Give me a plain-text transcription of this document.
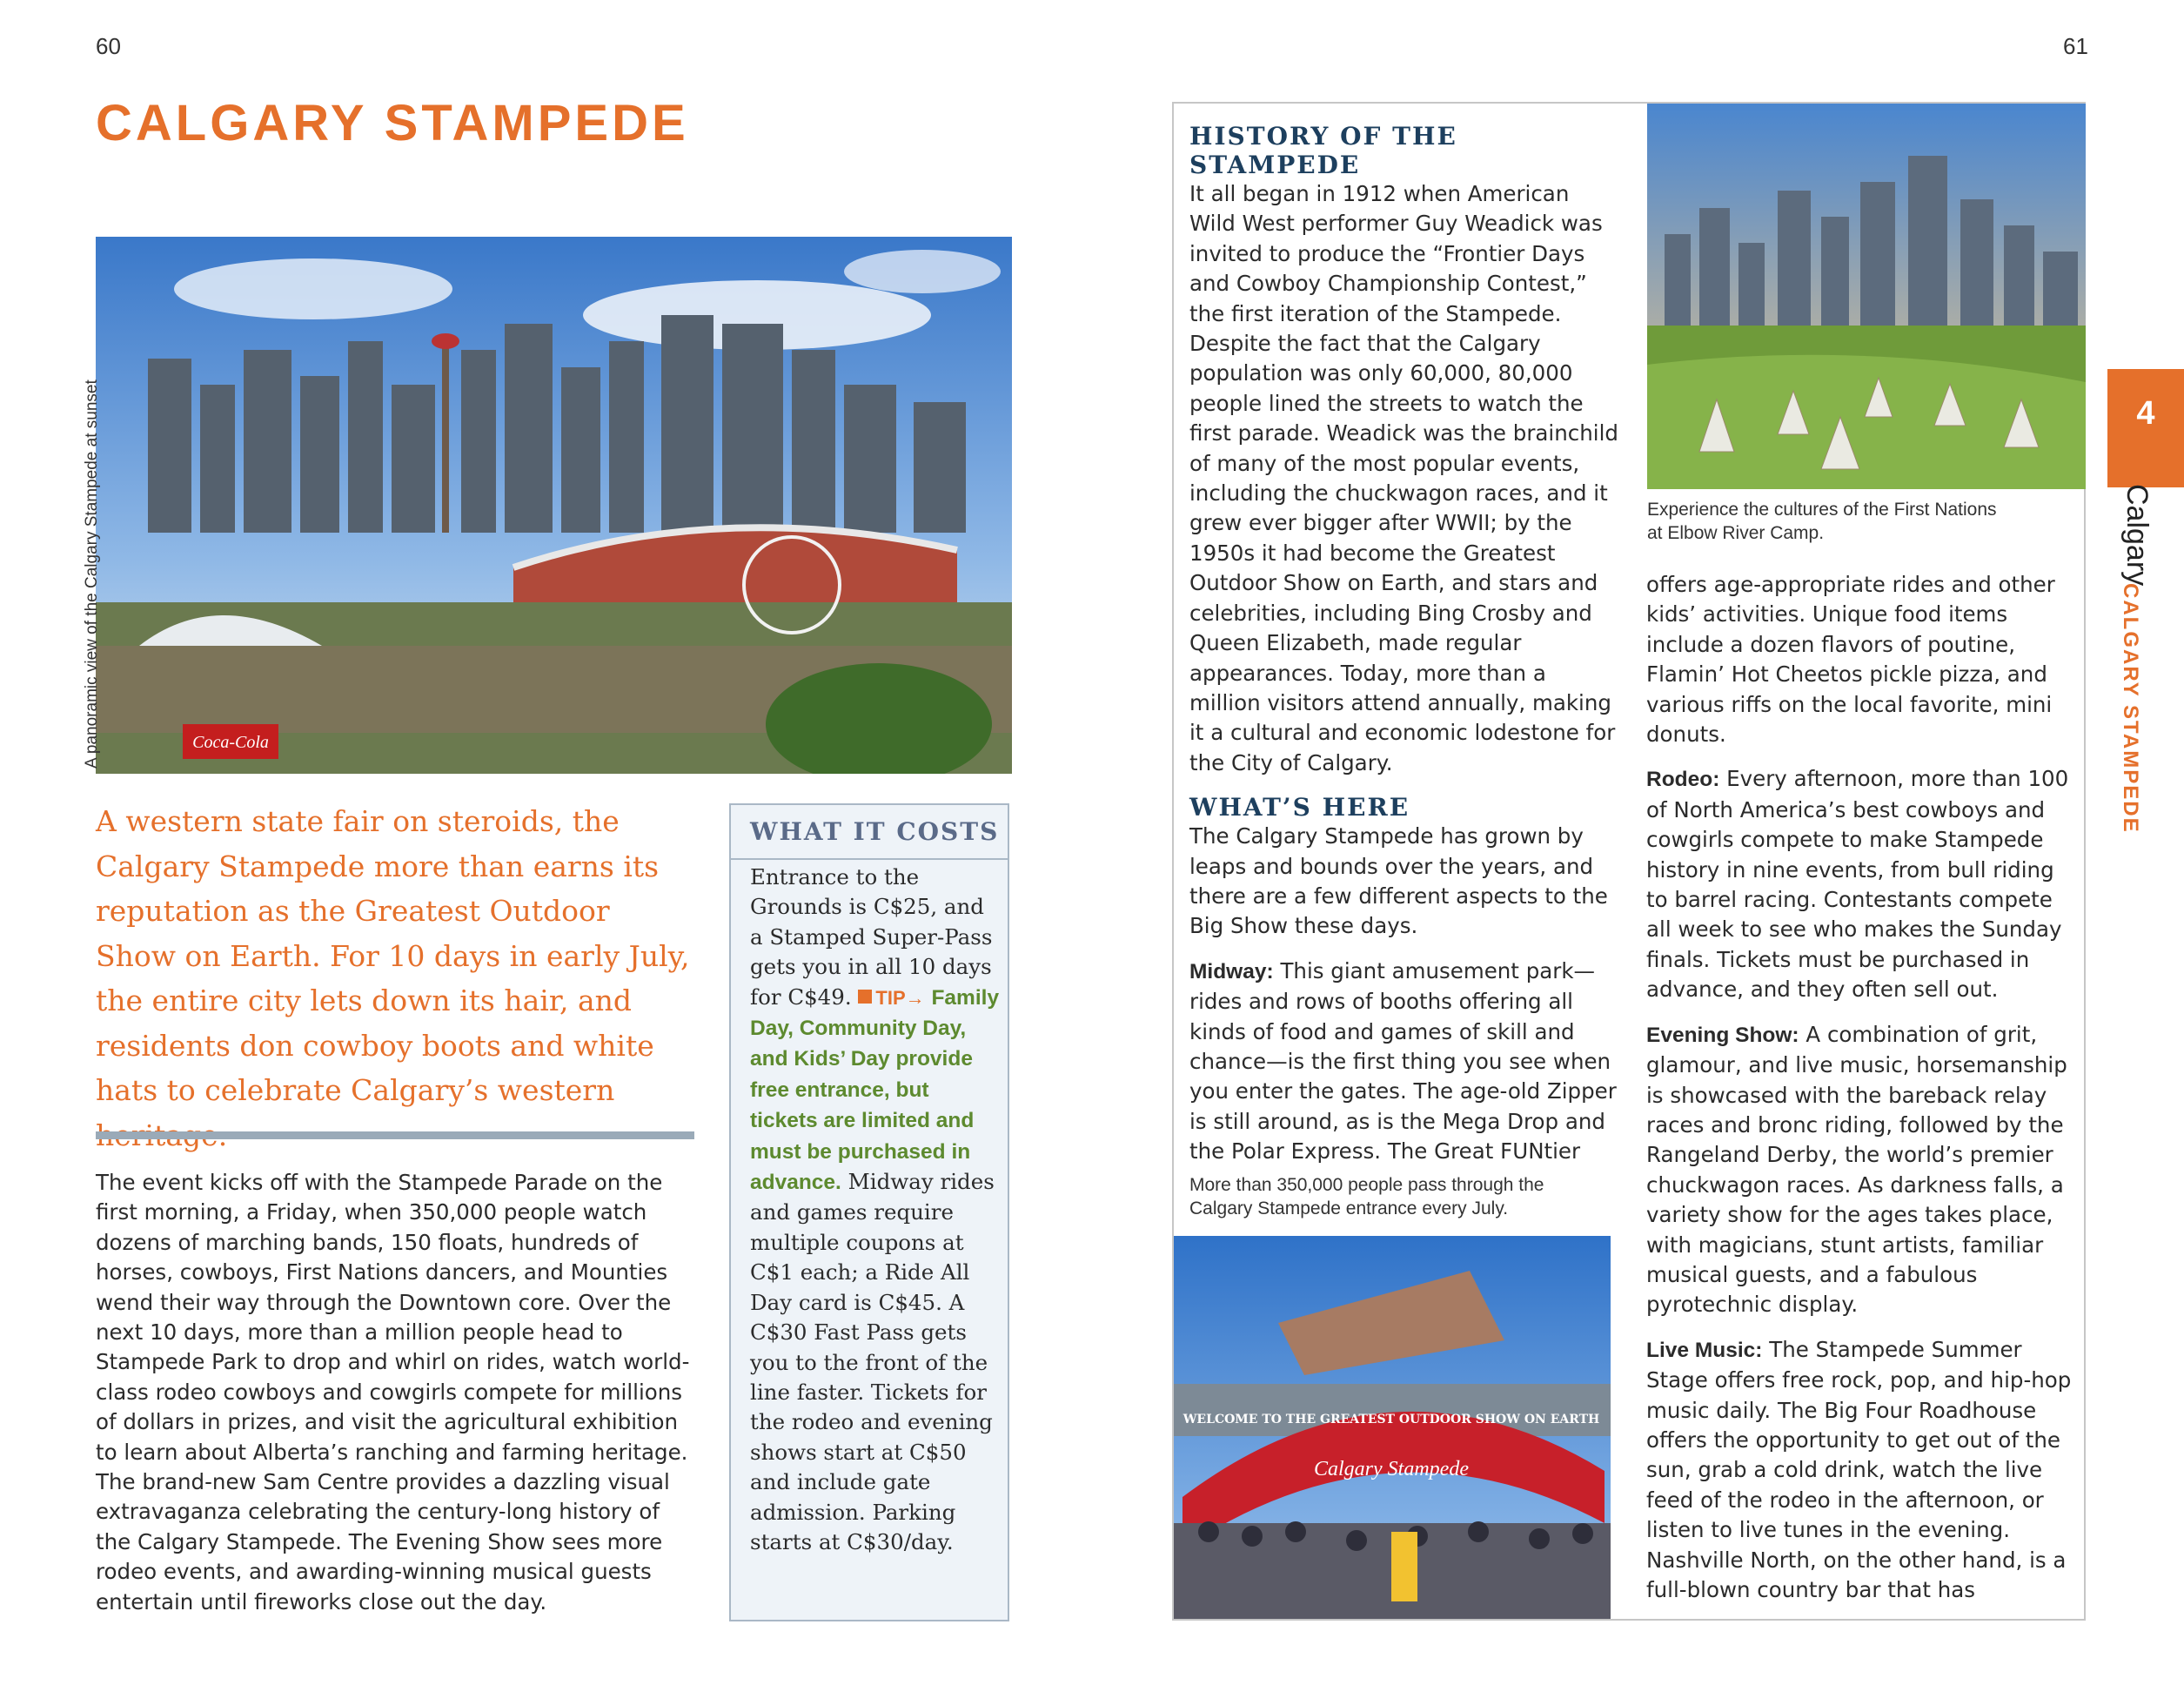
60	61
CALGARY STAMPEDE
Coca-Cola
A panoramic view of the Calgary Stampede at sunset

A western state fair on steroids, the Calgary Stampede more than earns its reputation as the Greatest Outdoor Show on Earth. For 10 days in early July, the entire city lets down its hair, and residents don cowboy boots and white hats to celebrate Calgary’s western

The event kicks off with the Stampede Parade on the first morning, a Friday, when 350,000 people watch dozens of marching bands, 150 floats, hundreds of horses, cowboys, First Nations dancers, and Mounties wend their way through the Downtown core. Over the next 10 days, more than a million people head to Stampede Park to drop and whirl on rides, watch world-class rodeo cowboys and cowgirls compete for millions of dollars in prizes, and visit the agricultural exhibition to learn about Alberta’s ranching and farming heritage. The brand-new Sam Centre provides a dazzling visual extravaganza celebrating the century-long history of the Calgary Stampede. The Evening Show sees more rodeo events, and awarding-winning musical guests entertain until fireworks close out the day.

WHAT IT COSTS

Entrance to the Grounds is C$25, and a Stamped Super-Pass gets you in all 10 days for C$49. TIP→ Family Day, Community Day, and Kids’ Day provide free entrance, but tickets are limited and must be purchased in advance. Midway rides and games require multiple coupons at C$1 each; a Ride All Day card is C$45. A C$30 Fast Pass gets you to the front of the line faster. Tickets for the rodeo and evening shows start at C$50 and include gate admission. Parking starts at C$30/day.

Experience the cultures of the First Nations at Elbow River Camp.

HISTORY OF THE STAMPEDE

It all began in 1912 when American Wild West performer Guy Weadick was invited to produce the “Frontier Days and Cowboy Championship Contest,” the first iteration of the Stampede. Despite the fact that the Calgary population was only 60,000, 80,000 people lined the streets to watch the first parade. Weadick was the brainchild of many of the most popular events, including the chuckwagon races, and it grew ever bigger after WWII; by the 1950s it had become the Greatest Outdoor Show on Earth, and stars and celebrities, including Bing Crosby and Queen Elizabeth, made regular appearances. Today, more than a million visitors attend annually, making it a cultural and economic lodestone for the City of Calgary.

WHAT’S HERE

The Calgary Stampede has grown by leaps and bounds over the years, and there are a few different aspects to the Big Show these days.

Midway: This giant amusement park—rides and rows of booths offering all kinds of food and games of skill and chance—is the first thing you see when you enter the gates. The age-old Zipper is still around, as is the Mega Drop and the Polar Express. The Great FUNtier

More than 350,000 people pass through the Calgary Stampede entrance every July.

WELCOME TO THE GREATEST OUTDOOR SHOW ON EARTH
Calgary Stampede

offers age-appropriate rides and other kids’ activities. Unique food items include a dozen flavors of poutine, Flamin’ Hot Cheetos pickle pizza, and various riffs on the local favorite, mini donuts.

Rodeo: Every afternoon, more than 100 of North America’s best cowboys and cowgirls compete to make Stampede history in nine events, from bull riding to barrel racing. Contestants compete all week to see who makes the Sunday finals. Tickets must be purchased in advance, and they often sell out.

Evening Show: A combination of grit, glamour, and live music, horsemanship is showcased with the bareback relay races and bronc riding, followed by the Rangeland Derby, the world’s premier chuckwagon races. As darkness falls, a variety show for the ages takes place, with magicians, stunt artists, familiar musical guests, and a fabulous pyrotechnic display.

Live Music: The Stampede Summer Stage offers free rock, pop, and hip-hop music daily. The Big Four Roadhouse offers the opportunity to get out of the sun, grab a cold drink, watch the live feed of the rodeo in the afternoon, or listen to live tunes in the evening. Nashville North, on the other hand, is a full-blown country bar that has

4
Calgary
CALGARY STAMPEDE
